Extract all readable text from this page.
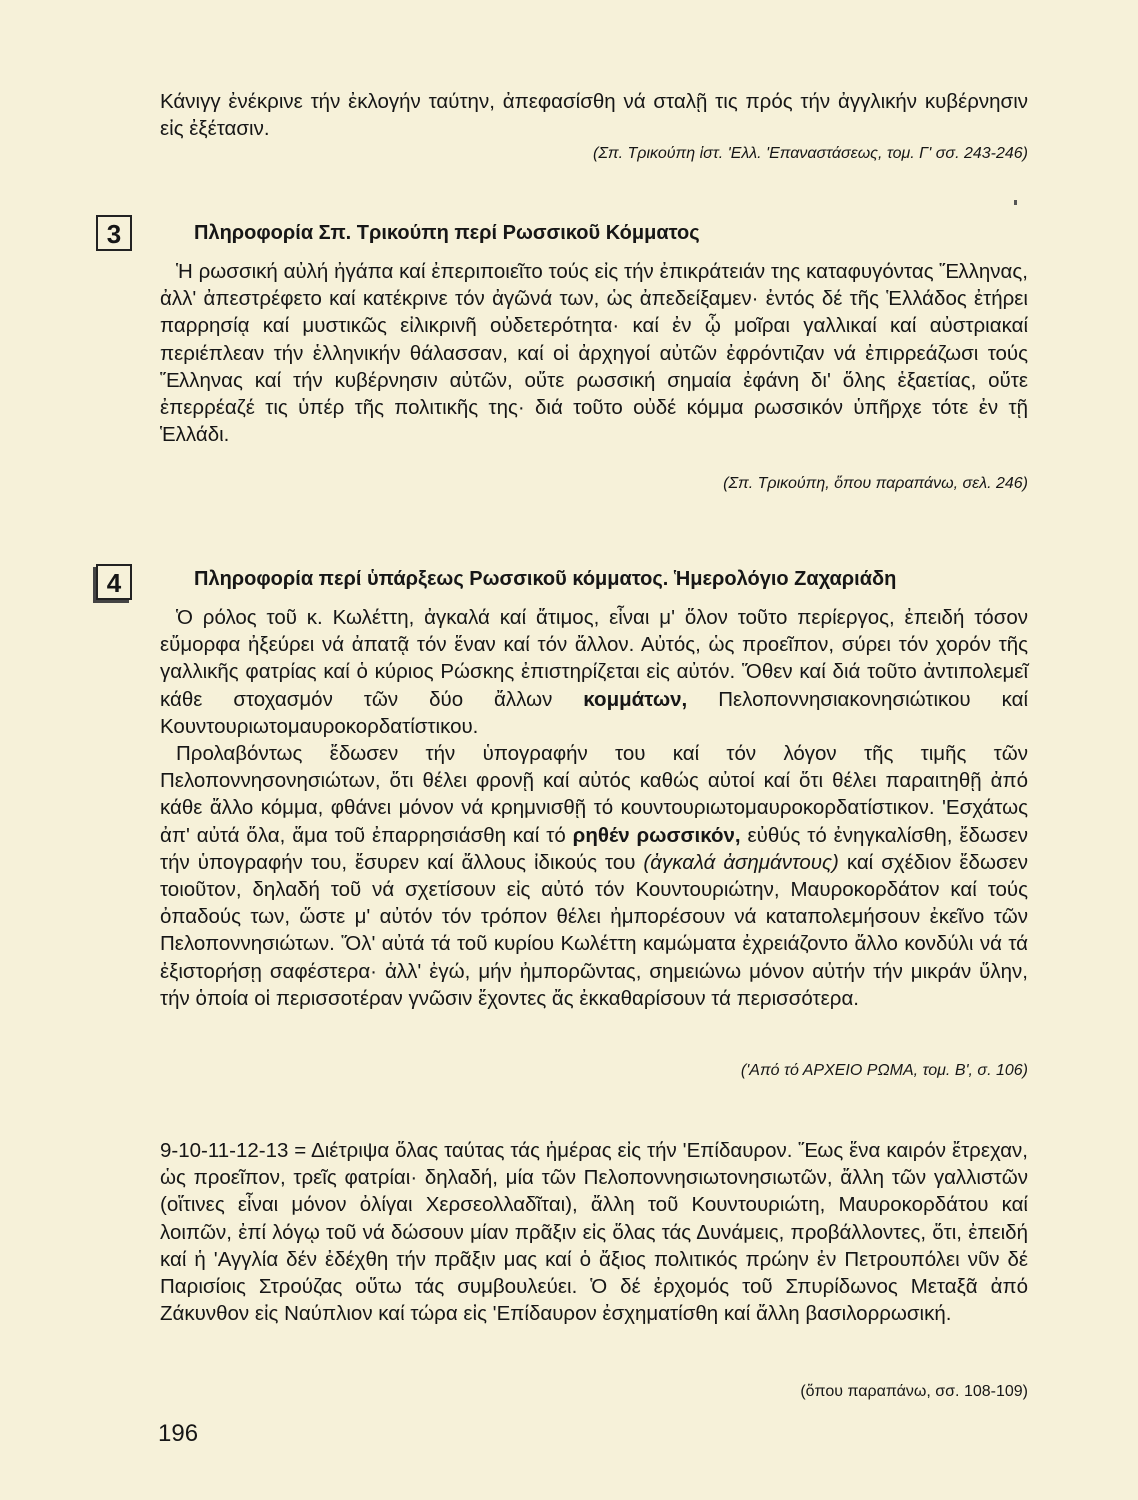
Κάνιγγ ἐνέκρινε τήν ἐκλογήν ταύτην, ἀπεφασίσθη νά σταλῇ τις πρός τήν ἀγγλικήν κυβέρνησιν εἰς ἐξέτασιν.

(Σπ. Τρικούπη ἱστ. 'Ελλ. 'Επαναστάσεως, τομ. Γ' σσ. 243-246)
3	Πληροφορία Σπ. Τρικούπη περί Ρωσσικοῦ Κόμματος

Ἡ ρωσσική αὐλή ἠγάπα καί ἐπεριποιεῖτο τούς εἰς τήν ἐπικράτειάν της καταφυγόντας Ἕλληνας, ἀλλ' ἀπεστρέφετο καί κατέκρινε τόν ἀγῶνά των, ὡς ἀπεδείξαμεν· ἐντός δέ τῆς Ἑλλάδος ἐτήρει παρρησίᾳ καί μυστικῶς εἰλικρινῆ οὐδετερότητα· καί ἐν ᾧ μοῖραι γαλλικαί καί αὐστριακαί περιέπλεαν τήν ἑλληνικήν θάλασσαν, καί οἱ ἀρχηγοί αὐτῶν ἐφρόντιζαν νά ἐπιρρεάζωσι τούς Ἕλληνας καί τήν κυβέρνησιν αὐτῶν, οὔτε ρωσσική σημαία ἐφάνη δι' ὅλης ἑξαετίας, οὔτε ἐπερρέαζέ τις ὑπέρ τῆς πολιτικῆς της· διά τοῦτο οὐδέ κόμμα ρωσσικόν ὑπῆρχε τότε ἐν τῇ Ἑλλάδι.

(Σπ. Τρικούπη, ὅπου παραπάνω, σελ. 246)
4	Πληροφορία περί ὑπάρξεως Ρωσσικοῦ κόμματος. Ἡμερολόγιο Ζαχαριάδη

Ὁ ρόλος τοῦ κ. Κωλέττη, ἀγκαλά καί ἄτιμος, εἶναι μ' ὅλον τοῦτο περίεργος, ἐπειδή τόσον εὔμορφα ἠξεύρει νά ἀπατᾷ τόν ἕναν καί τόν ἄλλον. Αὐτός, ὡς προεῖπον, σύρει τόν χορόν τῆς γαλλικῆς φατρίας καί ὁ κύριος Ρώσκης ἐπιστηρίζεται εἰς αὐτόν. Ὅθεν καί διά τοῦτο ἀντιπολεμεῖ κάθε στοχασμόν τῶν δύο ἄλλων κομμάτων, Πελοποννησιακονησιώτικου καί Κουντουριωτομαυροκορδατίστικου.

Προλαβόντως ἔδωσεν τήν ὑπογραφήν του καί τόν λόγον τῆς τιμῆς τῶν Πελοποννησονησιώτων, ὅτι θέλει φρονῇ καί αὐτός καθώς αὐτοί καί ὅτι θέλει παραιτηθῇ ἀπό κάθε ἄλλο κόμμα, φθάνει μόνον νά κρημνισθῇ τό κουντουριωτομαυροκορδατίστικον. 'Εσχάτως ἀπ' αὐτά ὅλα, ἅμα τοῦ ἐπαρρησιάσθη καί τό ρηθέν ρωσσικόν, εὐθύς τό ἐνηγκαλίσθη, ἔδωσεν τήν ὑπογραφήν του, ἔσυρεν καί ἄλλους ἰδικούς του (ἀγκαλά ἀσημάντους) καί σχέδιον ἔδωσεν τοιοῦτον, δηλαδή τοῦ νά σχετίσουν εἰς αὐτό τόν Κουντουριώτην, Μαυροκορδάτον καί τούς ὀπαδούς των, ὥστε μ' αὐτόν τόν τρόπον θέλει ἠμπορέσουν νά καταπολεμήσουν ἐκεῖνο τῶν Πελοποννησιώτων. Ὅλ' αὐτά τά τοῦ κυρίου Κωλέττη καμώματα ἐχρειάζοντο ἄλλο κονδύλι νά τά ἐξιστορήσῃ σαφέστερα· ἀλλ' ἐγώ, μήν ἠμπορῶντας, σημειώνω μόνον αὐτήν τήν μικράν ὕλην, τήν ὁποία οἱ περισσοτέραν γνῶσιν ἔχοντες ἄς ἐκκαθαρίσουν τά περισσότερα.

('Από τό ΑΡΧΕΙΟ ΡΩΜΑ, τομ. Β', σ. 106)

9-10-11-12-13 = Διέτριψα ὅλας ταύτας τάς ἡμέρας εἰς τήν 'Επίδαυρον. Ἕως ἕνα καιρόν ἔτρεχαν, ὡς προεῖπον, τρεῖς φατρίαι· δηλαδή, μία τῶν Πελοποννησιωτονησιωτῶν, ἄλλη τῶν γαλλιστῶν (οἵτινες εἶναι μόνον ὀλίγαι Χερσεολλαδῖται), ἄλλη τοῦ Κουντουριώτη, Μαυροκορδάτου καί λοιπῶν, ἐπί λόγῳ τοῦ νά δώσουν μίαν πρᾶξιν εἰς ὅλας τάς Δυνάμεις, προβάλλοντες, ὅτι, ἐπειδή καί ἡ 'Αγγλία δέν ἐδέχθη τήν πρᾶξιν μας καί ὁ ἄξιος πολιτικός πρώην ἐν Πετρουπόλει νῦν δέ Παρισίοις Στρούζας οὕτω τάς συμβουλεύει. Ὁ δέ ἐρχομός τοῦ Σπυρίδωνος Μεταξᾶ ἀπό Ζάκυνθον εἰς Ναύπλιον καί τώρα εἰς 'Επίδαυρον ἐσχηματίσθη καί ἄλλη βασιλορρωσική.

(ὅπου παραπάνω, σσ. 108-109)
196
